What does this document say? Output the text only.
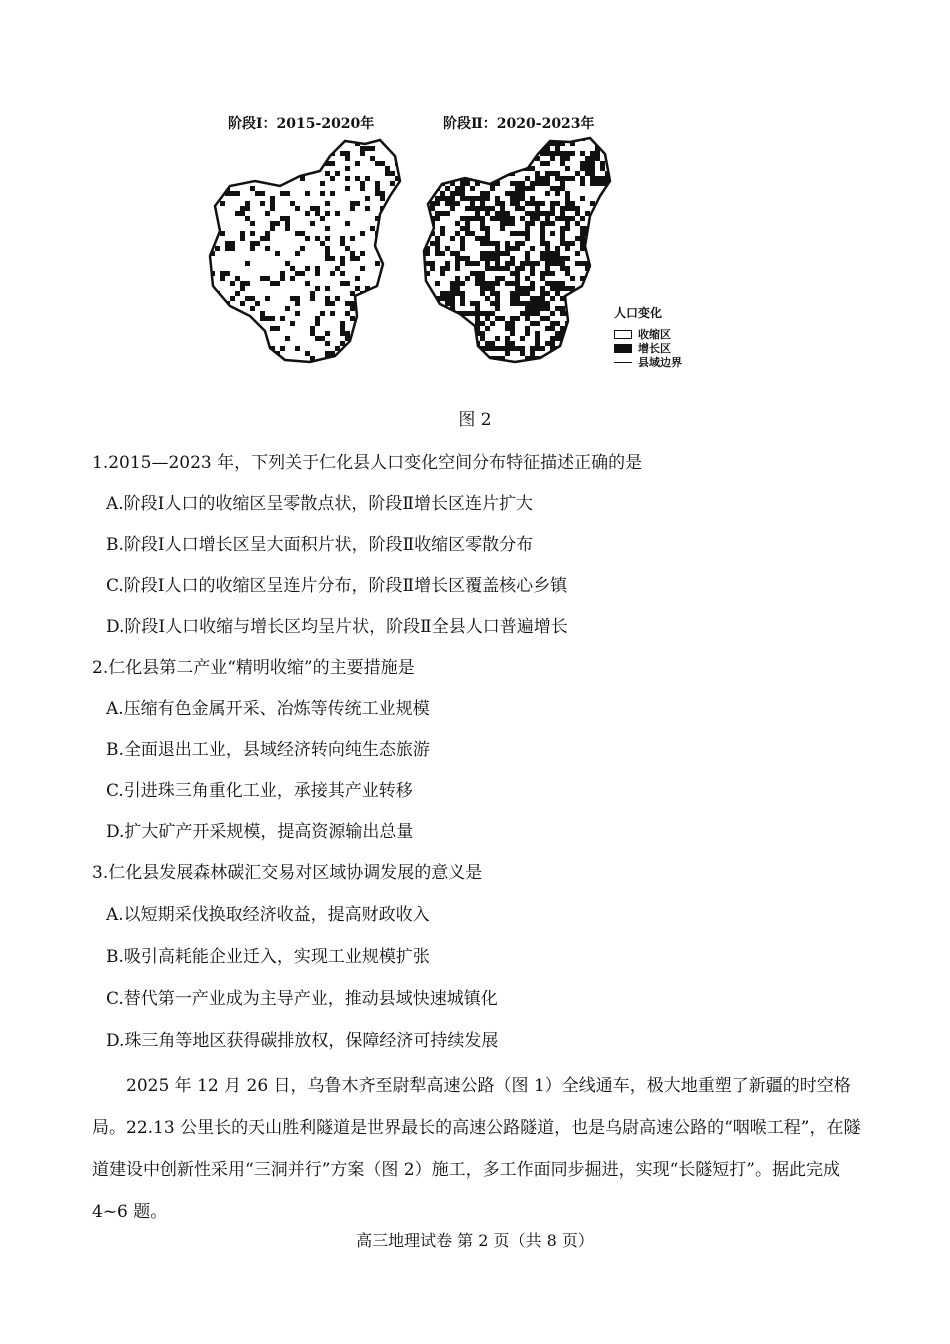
阶段Ⅰ：2015-2020年	阶段Ⅱ：2020-2023年
人口变化
收缩区
增长区
县域边界
图 2
1.2015—2023 年，下列关于仁化县人口变化空间分布特征描述正确的是
A.阶段Ⅰ人口的收缩区呈零散点状，阶段Ⅱ增长区连片扩大
B.阶段Ⅰ人口增长区呈大面积片状，阶段Ⅱ收缩区零散分布
C.阶段Ⅰ人口的收缩区呈连片分布，阶段Ⅱ增长区覆盖核心乡镇
D.阶段Ⅰ人口收缩与增长区均呈片状，阶段Ⅱ全县人口普遍增长
2.仁化县第二产业“精明收缩”的主要措施是
A.压缩有色金属开采、冶炼等传统工业规模
B.全面退出工业，县域经济转向纯生态旅游
C.引进珠三角重化工业，承接其产业转移
D.扩大矿产开采规模，提高资源输出总量
3.仁化县发展森林碳汇交易对区域协调发展的意义是
A.以短期采伐换取经济收益，提高财政收入
B.吸引高耗能企业迁入，实现工业规模扩张
C.替代第一产业成为主导产业，推动县域快速城镇化
D.珠三角等地区获得碳排放权，保障经济可持续发展
2025 年 12 月 26 日，乌鲁木齐至尉犁高速公路（图 1）全线通车，极大地重塑了新疆的时空格局。22.13 公里长的天山胜利隧道是世界最长的高速公路隧道，也是乌尉高速公路的“咽喉工程”，在隧道建设中创新性采用“三洞并行”方案（图 2）施工，多工作面同步掘进，实现“长隧短打”。据此完成 4~6 题。
高三地理试卷 第 2 页（共 8 页）
